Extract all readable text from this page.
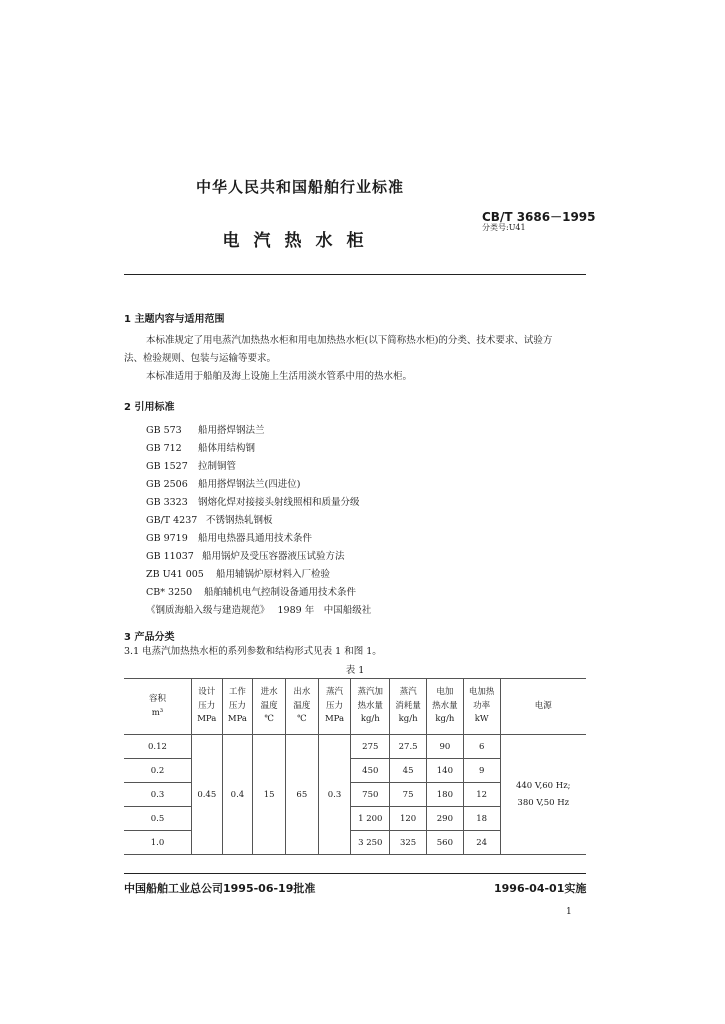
中华人民共和国船舶行业标准
电汽热水柜
CB/T 3686－1995
分类号:U41
1 主题内容与适用范围
本标准规定了用电蒸汽加热热水柜和用电加热热水柜(以下简称热水柜)的分类、技术要求、试验方
法、检验规则、包装与运输等要求。
本标准适用于船舶及海上设施上生活用淡水管系中用的热水柜。
2 引用标准
GB 573 船用搭焊钢法兰
GB 712 船体用结构钢
GB 1527 拉制铜管
GB 2506 船用搭焊钢法兰(四进位)
GB 3323 钢熔化焊对接接头射线照相和质量分级
GB/T 4237 不锈钢热轧钢板
GB 9719 船用电热器具通用技术条件
GB 11037 船用锅炉及受压容器液压试验方法
ZB U41 005 船用辅锅炉原材料入厂检验
CB* 3250 船舶辅机电气控制设备通用技术条件
《钢质海船入级与建造规范》 1989 年　中国船级社
3 产品分类
3.1 电蒸汽加热热水柜的系列参数和结构形式见表 1 和图 1。
表 1
容积
m³	设计
压力
MPa	工作
压力
MPa	进水
温度
℃	出水
温度
℃	蒸汽
压力
MPa	蒸汽加
热水量
kg/h	蒸汽
消耗量
kg/h	电加
热水量
kg/h	电加热
功率
kW	电源
0.12	0.45	0.4	15	65	0.3	275	27.5	90	6	440 V,60 Hz;
380 V,50 Hz
0.2						450	45	140	9	
0.3						750	75	180	12	
0.5						1 200	120	290	18	
1.0						3 250	325	560	24	
中国船舶工业总公司1995-06-19批准	1996-04-01实施
1
